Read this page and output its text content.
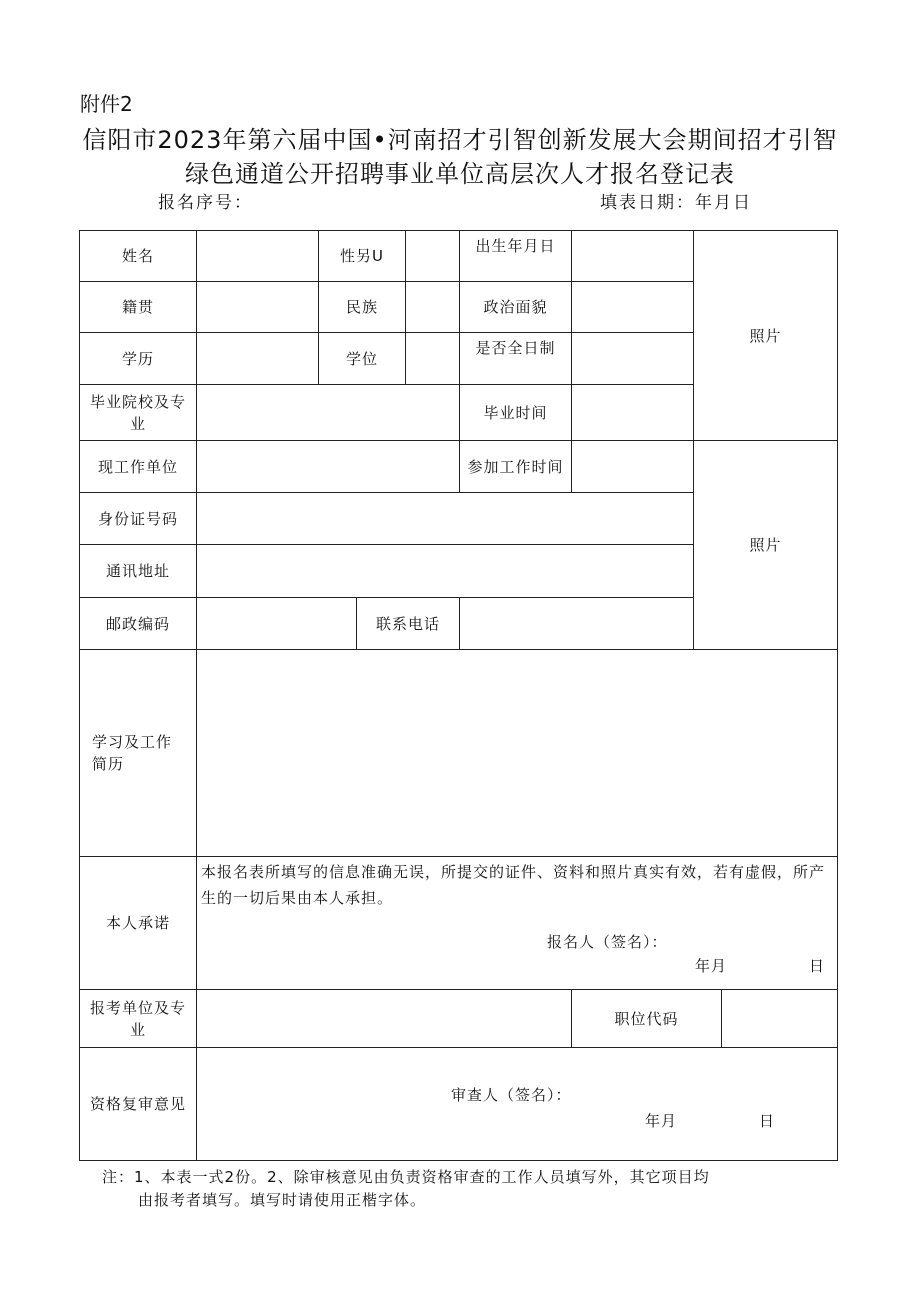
附件2
信阳市2023年第六届中国•河南招才引智创新发展大会期间招才引智
绿色通道公开招聘事业单位高层次人才报名登记表
报名序号：	填表日期：年月日
姓名		性另U			出生年月日		照片	
籍贯		民族			政治面貌			
学历		学位			是否全日制			
毕业院校及专业					毕业时间			
现工作单位					参加工作时间		照片	
身份证号码								
通讯地址								
邮政编码			联系电话					

学习及工作
简历								

本人承诺	本报名表所填写的信息准确无误，所提交的证件、资料和照片真实有效，若有虚假，所产生的一切后果由本人承担。
报名人（签名）：
年月 日							

报考单位及专业						职位代码		
资格复审意见	审查人（签名）：
年月 日							
注：1、本表一式2份。2、除审核意见由负责资格审查的工作人员填写外，其它项目均
由报考者填写。填写时请使用正楷字体。
